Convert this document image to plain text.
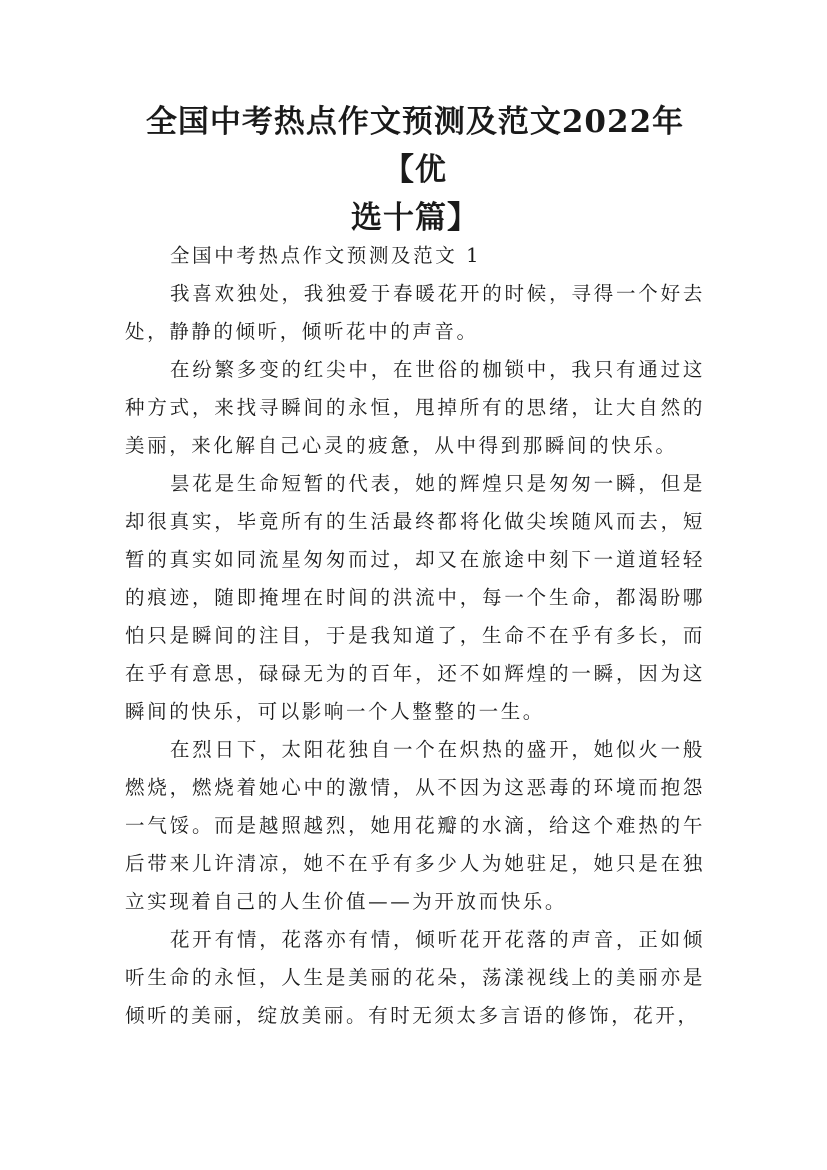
全国中考热点作文预测及范文2022年【优
选十篇】

全国中考热点作文预测及范文 1

我喜欢独处，我独爱于春暖花开的时候，寻得一个好去处，静静的倾听，倾听花中的声音。

在纷繁多变的红尖中，在世俗的枷锁中，我只有通过这种方式，来找寻瞬间的永恒，甩掉所有的思绪，让大自然的美丽，来化解自己心灵的疲惫，从中得到那瞬间的快乐。

昙花是生命短暂的代表，她的辉煌只是匆匆一瞬，但是却很真实，毕竟所有的生活最终都将化做尖埃随风而去，短暂的真实如同流星匆匆而过，却又在旅途中刻下一道道轻轻的痕迹，随即掩埋在时间的洪流中，每一个生命，都渴盼哪怕只是瞬间的注目，于是我知道了，生命不在乎有多长，而在乎有意思，碌碌无为的百年，还不如辉煌的一瞬，因为这瞬间的快乐，可以影响一个人整整的一生。

在烈日下，太阳花独自一个在炽热的盛开，她似火一般燃烧，燃烧着她心中的激情，从不因为这恶毒的环境而抱怨一气馁。而是越照越烈，她用花瓣的水滴，给这个难热的午后带来儿许清凉，她不在乎有多少人为她驻足，她只是在独立实现着自己的人生价值——为开放而快乐。

花开有情，花落亦有情，倾听花开花落的声音，正如倾听生命的永恒，人生是美丽的花朵，荡漾视线上的美丽亦是倾听的美丽，绽放美丽。有时无须太多言语的修饰，花开，
